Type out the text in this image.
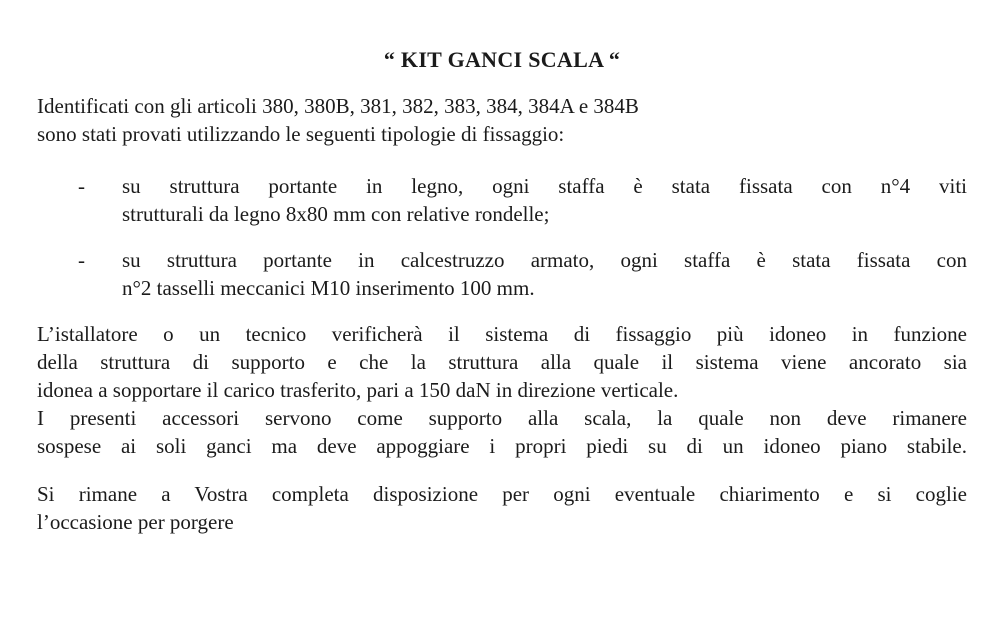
“ KIT GANCI SCALA “
Identificati con gli articoli 380, 380B, 381, 382, 383, 384, 384A e 384B
sono stati provati utilizzando le seguenti tipologie di fissaggio:
-	su struttura portante in legno, ogni staffa è stata fissata con n°4 viti
strutturali da legno 8x80 mm con relative rondelle;
-	su struttura portante in calcestruzzo armato, ogni staffa è stata fissata con
n°2 tasselli meccanici M10 inserimento 100 mm.
L’istallatore o un tecnico verificherà il sistema di fissaggio più idoneo in funzione
della struttura di supporto e che la struttura alla quale il sistema viene ancorato sia
idonea a sopportare il carico trasferito, pari a 150 daN in direzione verticale.
I presenti accessori servono come supporto alla scala, la quale non deve rimanere
sospese ai soli ganci ma deve appoggiare i propri piedi su di un idoneo piano stabile.
Si rimane a Vostra completa disposizione per ogni eventuale chiarimento e si coglie
l’occasione per porgere
